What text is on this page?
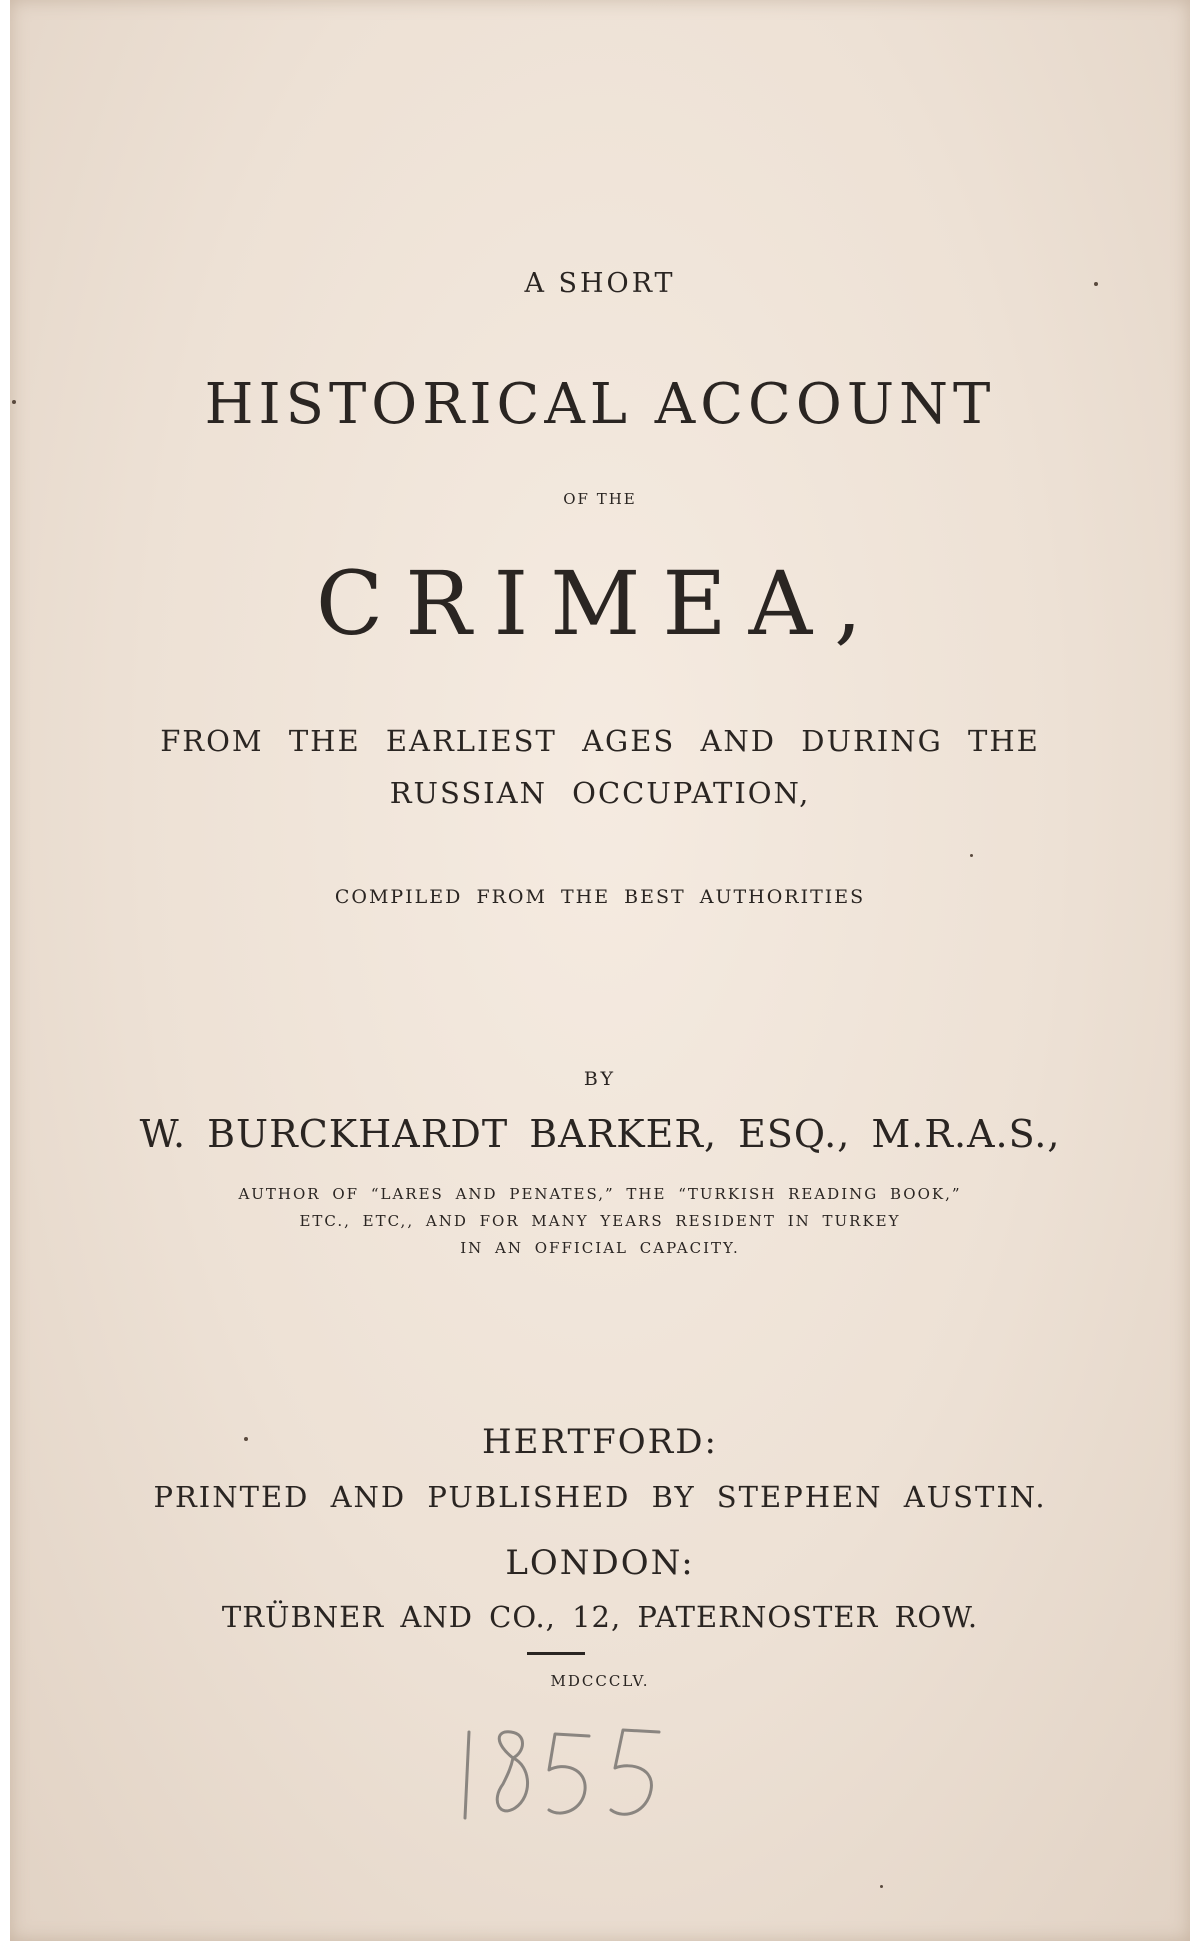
A SHORT
HISTORICAL ACCOUNT
OF THE
CRIMEA,
FROM THE EARLIEST AGES AND DURING THE
RUSSIAN OCCUPATION,
COMPILED FROM THE BEST AUTHORITIES
BY
W. BURCKHARDT BARKER, ESQ., M.R.A.S.,
AUTHOR OF “LARES AND PENATES,” THE “TURKISH READING BOOK,”
ETC., ETC,, AND FOR MANY YEARS RESIDENT IN TURKEY
IN AN OFFICIAL CAPACITY.
HERTFORD:
PRINTED AND PUBLISHED BY STEPHEN AUSTIN.
LONDON:
TRÜBNER AND CO., 12, PATERNOSTER ROW.
MDCCCLV.
